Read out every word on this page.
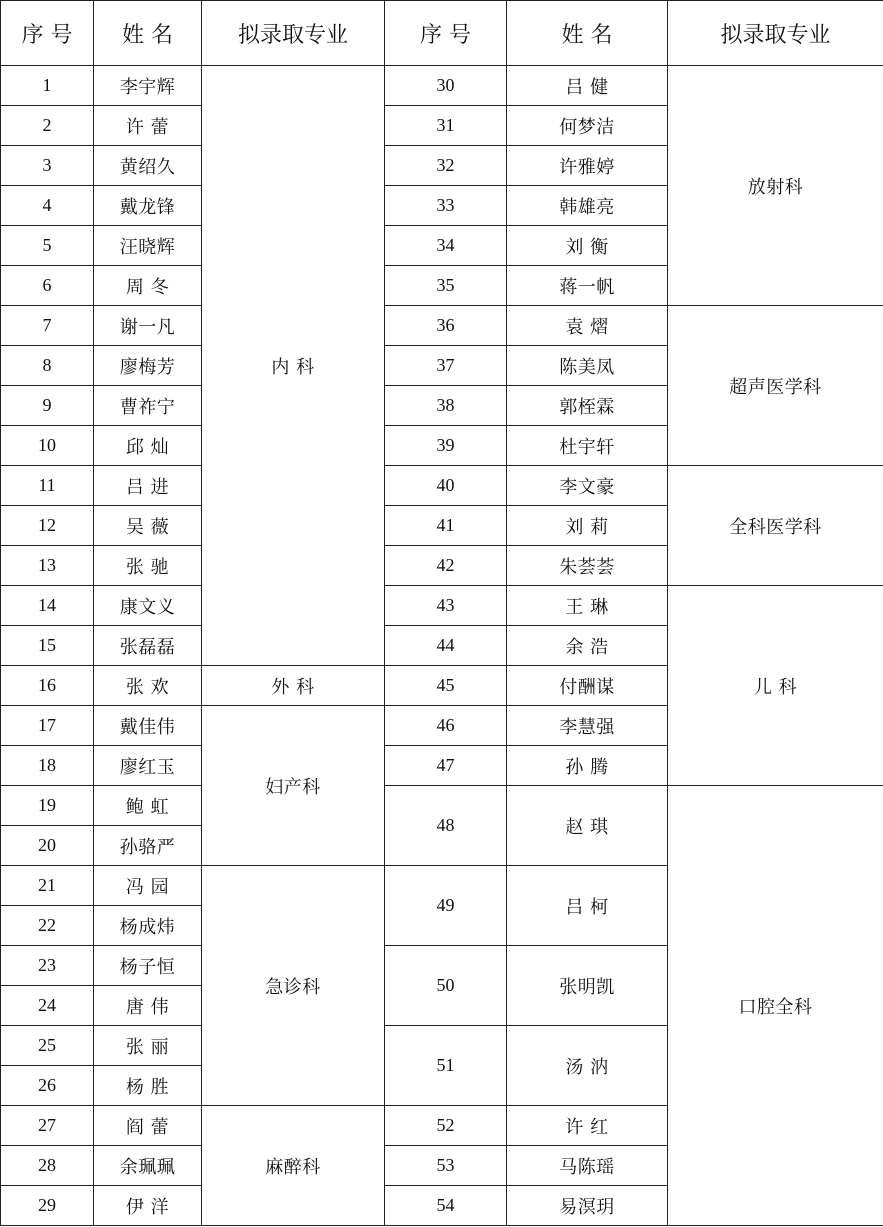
序 号	姓 名	拟录取专业	序 号	姓 名	拟录取专业
1	李宇辉	内 科	30	吕 健	放射科
2	许 蕾		31	何梦洁	
3	黄绍久		32	许雅婷	
4	戴龙锋		33	韩雄亮	
5	汪晓辉		34	刘 衡	
6	周 冬		35	蒋一帆	
7	谢一凡		36	袁 熠	超声医学科
8	廖梅芳		37	陈美凤	
9	曹祚宁		38	郭桎霖	
10	邱 灿		39	杜宇轩	
11	吕 进		40	李文豪	全科医学科
12	吴 薇		41	刘 莉	
13	张 驰		42	朱荟荟	
14	康文义		43	王 琳	儿 科
15	张磊磊		44	余 浩	
16	张 欢	外 科	45	付酬谋	
17	戴佳伟	妇产科	46	李慧强	
18	廖红玉		47	孙 腾	
19	鲍 虹		48	赵 琪	口腔全科
20	孙骆严				
21	冯 园	急诊科	49	吕 柯	
22	杨成炜				
23	杨子恒		50	张明凯	
24	唐 伟				
25	张 丽		51	汤 汭	
26	杨 胜				
27	阎 蕾	麻醉科	52	许 红	
28	余珮珮		53	马陈瑶	
29	伊 洋		54	易溟玥	
